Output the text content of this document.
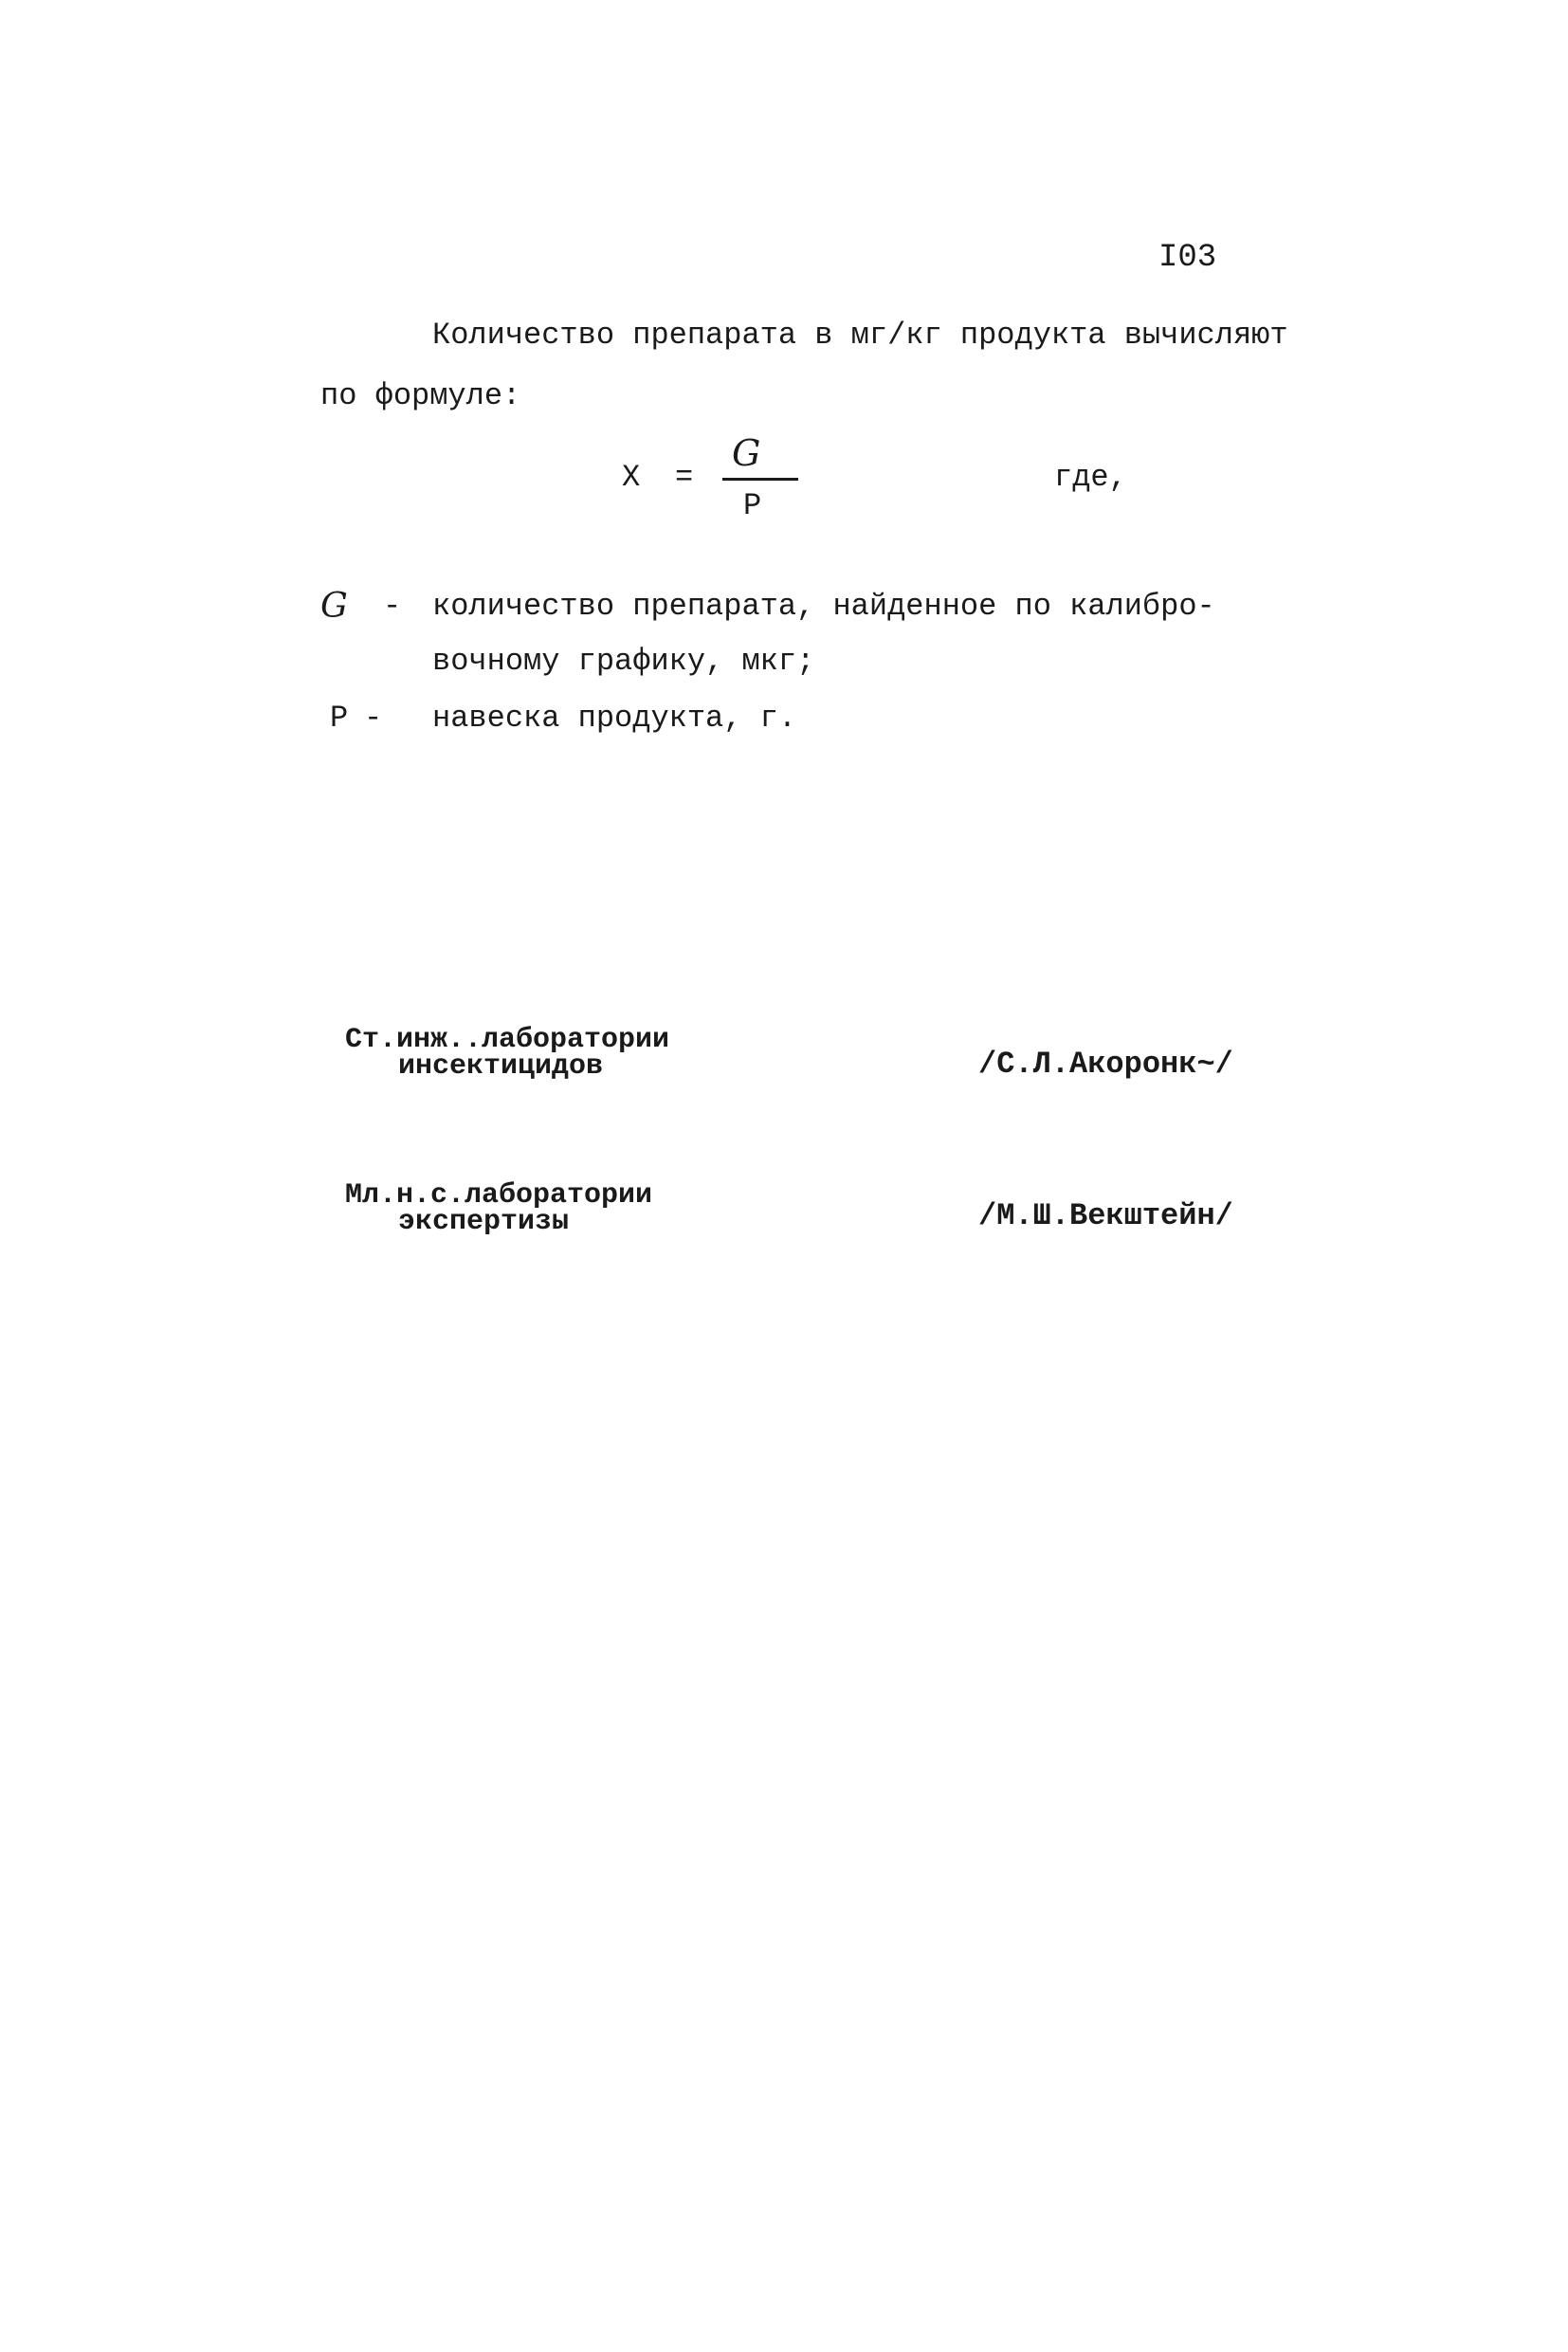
I03
Количество препарата в мг/кг продукта вычисляют
по формуле:
X =
G
P
где,
G - количество препарата, найденное по калибро-
вочному графику, мкг;
P - навеска продукта, г.
Ст.инж..лаборатории
инсектицидов	/С.Л.Акоронк~/
Мл.н.с.лаборатории
экспертизы	/М.Ш.Векштейн/
